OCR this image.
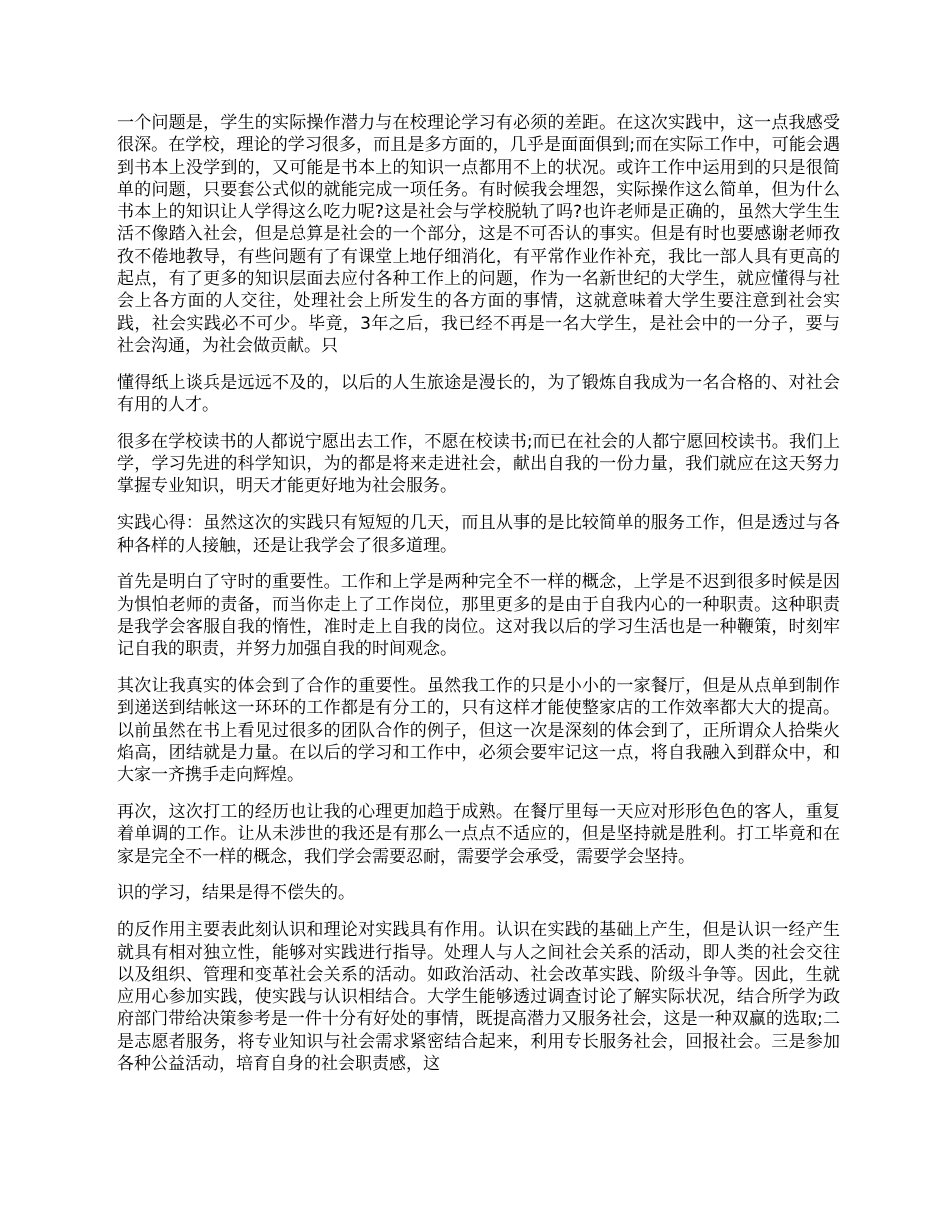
一个问题是，学生的实际操作潜力与在校理论学习有必须的差距。在这次实践中，这一点我感受很深。在学校，理论的学习很多，而且是多方面的，几乎是面面俱到;而在实际工作中，可能会遇到书本上没学到的，又可能是书本上的知识一点都用不上的状况。或许工作中运用到的只是很简单的问题，只要套公式似的就能完成一项任务。有时候我会埋怨，实际操作这么简单，但为什么书本上的知识让人学得这么吃力呢?这是社会与学校脱轨了吗?也许老师是正确的，虽然大学生生活不像踏入社会，但是总算是社会的一个部分，这是不可否认的事实。但是有时也要感谢老师孜孜不倦地教导，有些问题有了有课堂上地仔细消化，有平常作业作补充，我比一部人具有更高的起点，有了更多的知识层面去应付各种工作上的问题，作为一名新世纪的大学生，就应懂得与社会上各方面的人交往，处理社会上所发生的各方面的事情，这就意味着大学生要注意到社会实践，社会实践必不可少。毕竟，3年之后，我已经不再是一名大学生，是社会中的一分子，要与社会沟通，为社会做贡献。只

懂得纸上谈兵是远远不及的，以后的人生旅途是漫长的，为了锻炼自我成为一名合格的、对社会有用的人才。

很多在学校读书的人都说宁愿出去工作，不愿在校读书;而已在社会的人都宁愿回校读书。我们上学，学习先进的科学知识，为的都是将来走进社会，献出自我的一份力量，我们就应在这天努力掌握专业知识，明天才能更好地为社会服务。

实践心得：虽然这次的实践只有短短的几天，而且从事的是比较简单的服务工作，但是透过与各种各样的人接触，还是让我学会了很多道理。

首先是明白了守时的重要性。工作和上学是两种完全不一样的概念，上学是不迟到很多时候是因为惧怕老师的责备，而当你走上了工作岗位，那里更多的是由于自我内心的一种职责。这种职责是我学会客服自我的惰性，准时走上自我的岗位。这对我以后的学习生活也是一种鞭策，时刻牢记自我的职责，并努力加强自我的时间观念。

其次让我真实的体会到了合作的重要性。虽然我工作的只是小小的一家餐厅，但是从点单到制作到递送到结帐这一环环的工作都是有分工的，只有这样才能使整家店的工作效率都大大的提高。以前虽然在书上看见过很多的团队合作的例子，但这一次是深刻的体会到了，正所谓众人拾柴火焰高，团结就是力量。在以后的学习和工作中，必须会要牢记这一点，将自我融入到群众中，和大家一齐携手走向辉煌。

再次，这次打工的经历也让我的心理更加趋于成熟。在餐厅里每一天应对形形色色的客人，重复着单调的工作。让从未涉世的我还是有那么一点点不适应的，但是坚持就是胜利。打工毕竟和在家是完全不一样的概念，我们学会需要忍耐，需要学会承受，需要学会坚持。

识的学习，结果是得不偿失的。

的反作用主要表此刻认识和理论对实践具有作用。认识在实践的基础上产生，但是认识一经产生就具有相对独立性，能够对实践进行指导。处理人与人之间社会关系的活动，即人类的社会交往以及组织、管理和变革社会关系的活动。如政治活动、社会改革实践、阶级斗争等。因此，生就应用心参加实践，使实践与认识相结合。大学生能够透过调查讨论了解实际状况，结合所学为政府部门带给决策参考是一件十分有好处的事情，既提高潜力又服务社会，这是一种双赢的选取;二是志愿者服务，将专业知识与社会需求紧密结合起来，利用专长服务社会，回报社会。三是参加各种公益活动，培育自身的社会职责感，这
